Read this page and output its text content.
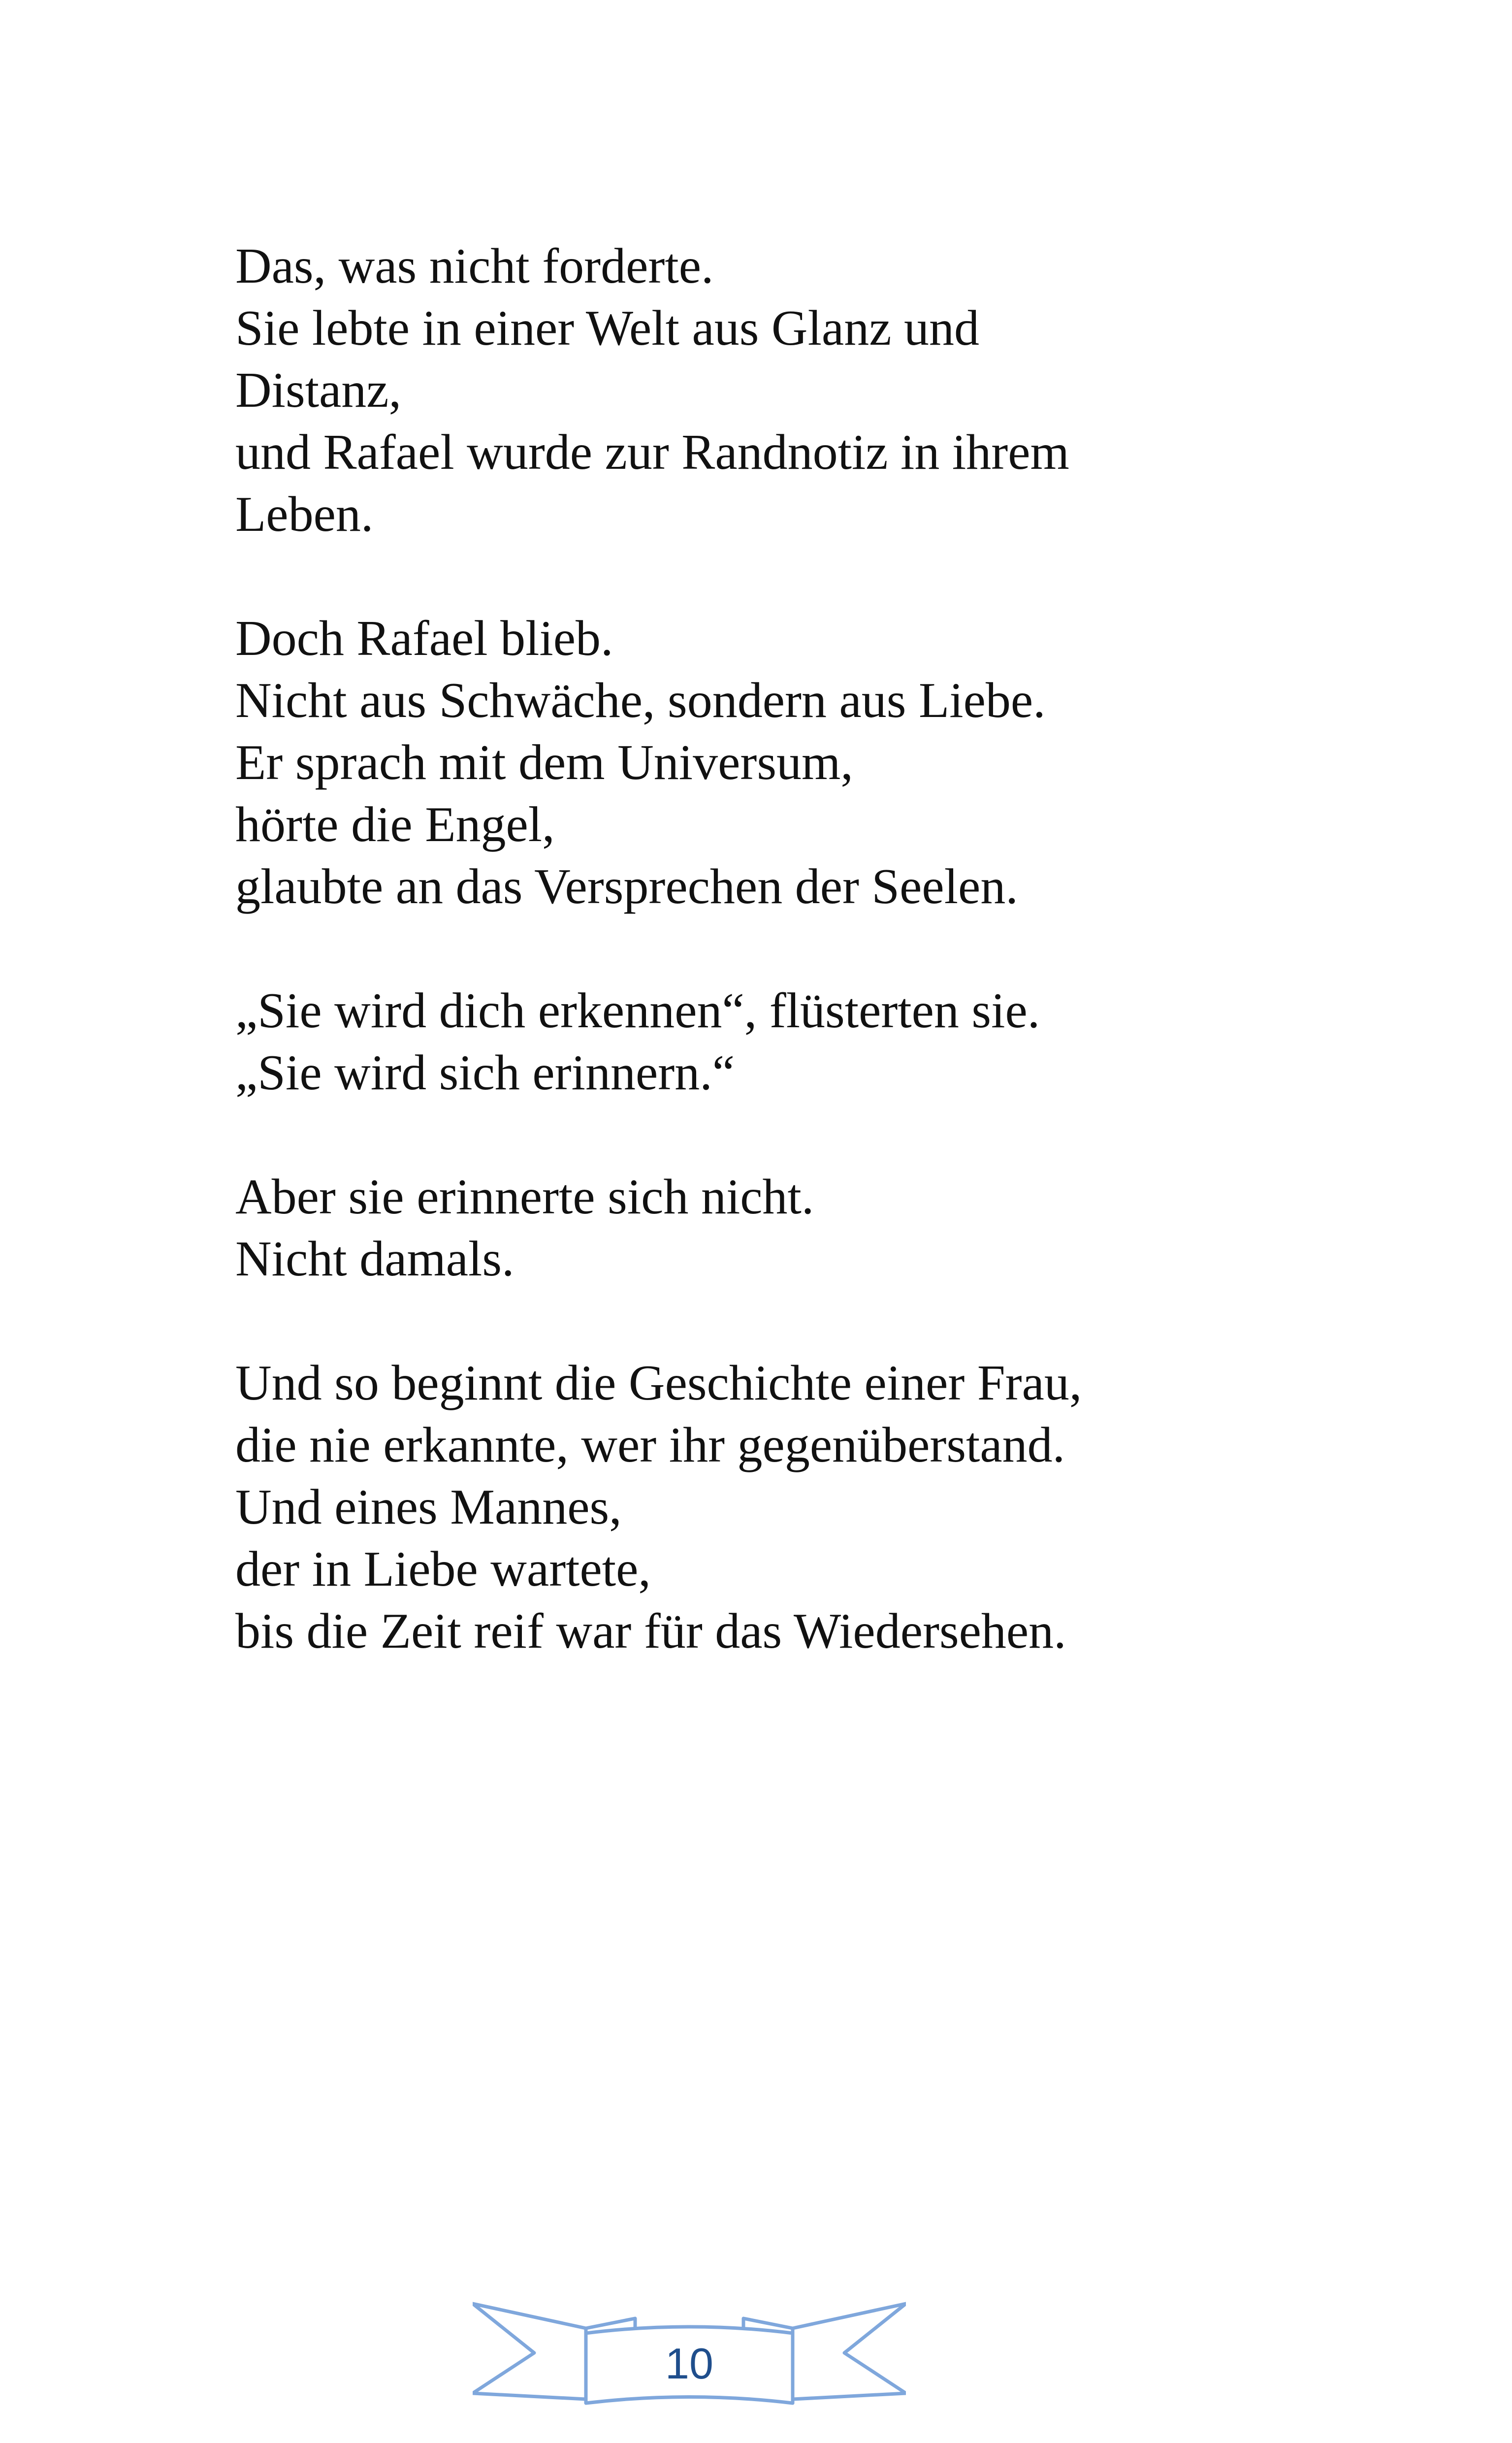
Das, was nicht forderte.
Sie lebte in einer Welt aus Glanz und
Distanz,
und Rafael wurde zur Randnotiz in ihrem
Leben.
Doch Rafael blieb.
Nicht aus Schwäche, sondern aus Liebe.
Er sprach mit dem Universum,
hörte die Engel,
glaubte an das Versprechen der Seelen.
„Sie wird dich erkennen“, flüsterten sie.
„Sie wird sich erinnern.“
Aber sie erinnerte sich nicht.
Nicht damals.
Und so beginnt die Geschichte einer Frau,
die nie erkannte, wer ihr gegenüberstand.
Und eines Mannes,
der in Liebe wartete,
bis die Zeit reif war für das Wiedersehen.
10
